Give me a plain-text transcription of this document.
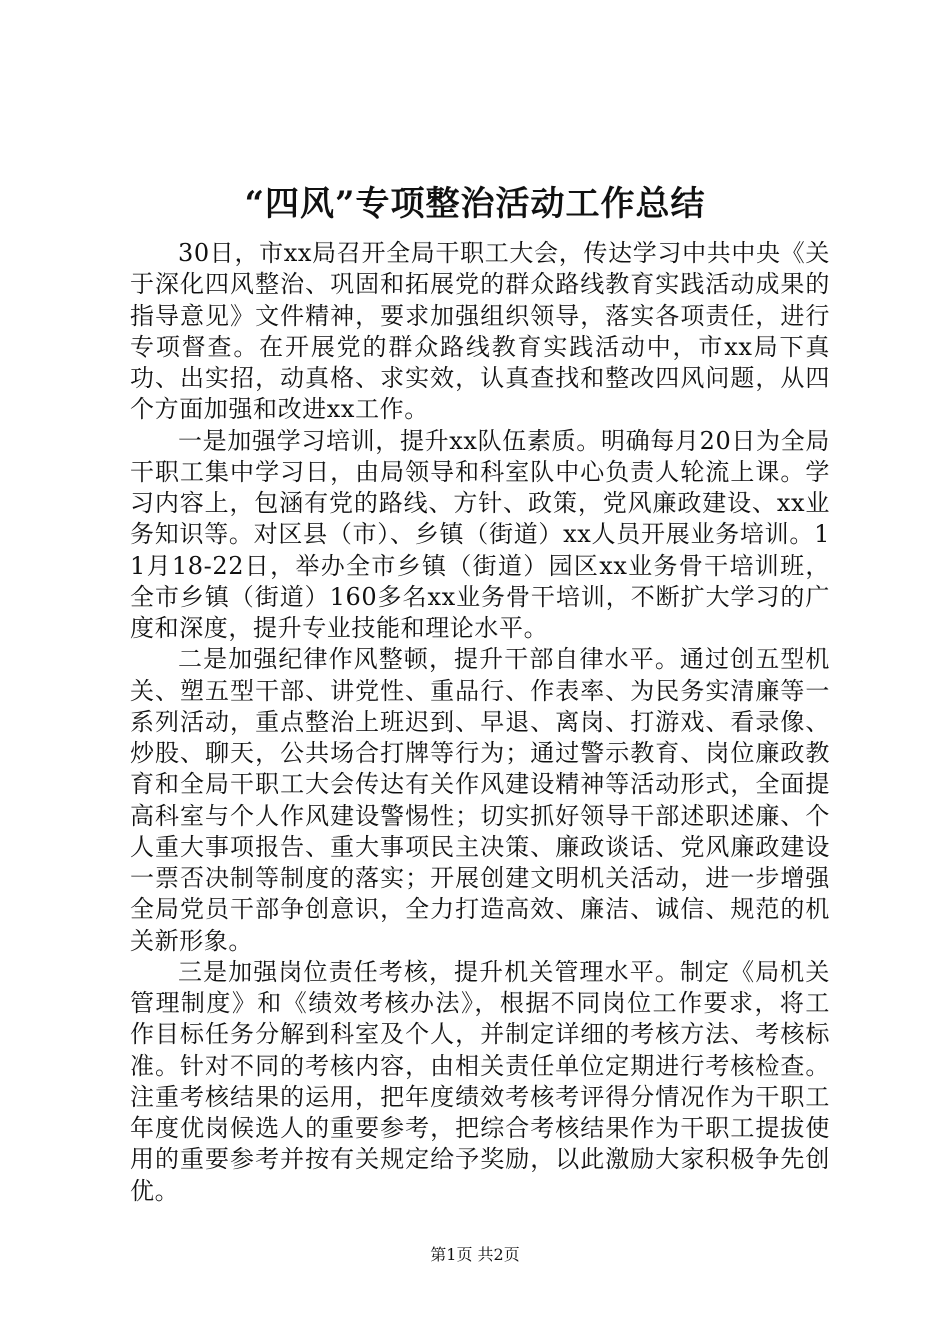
“四风”专项整治活动工作总结

30日，市xx局召开全局干职工大会，传达学习中共中央《关于深化四风整治、巩固和拓展党的群众路线教育实践活动成果的指导意见》文件精神，要求加强组织领导，落实各项责任，进行专项督查。在开展党的群众路线教育实践活动中，市xx局下真功、出实招，动真格、求实效，认真查找和整改四风问题，从四个方面加强和改进xx工作。

一是加强学习培训，提升xx队伍素质。明确每月20日为全局干职工集中学习日，由局领导和科室队中心负责人轮流上课。学习内容上，包涵有党的路线、方针、政策，党风廉政建设、xx业务知识等。对区县（市）、乡镇（街道）xx人员开展业务培训。11月18-22日，举办全市乡镇（街道）园区xx业务骨干培训班，全市乡镇（街道）160多名xx业务骨干培训，不断扩大学习的广度和深度，提升专业技能和理论水平。

二是加强纪律作风整顿，提升干部自律水平。通过创五型机关、塑五型干部、讲党性、重品行、作表率、为民务实清廉等一系列活动，重点整治上班迟到、早退、离岗、打游戏、看录像、炒股、聊天，公共场合打牌等行为；通过警示教育、岗位廉政教育和全局干职工大会传达有关作风建设精神等活动形式，全面提高科室与个人作风建设警惕性；切实抓好领导干部述职述廉、个人重大事项报告、重大事项民主决策、廉政谈话、党风廉政建设一票否决制等制度的落实；开展创建文明机关活动，进一步增强全局党员干部争创意识，全力打造高效、廉洁、诚信、规范的机关新形象。

三是加强岗位责任考核，提升机关管理水平。制定《局机关管理制度》和《绩效考核办法》，根据不同岗位工作要求，将工作目标任务分解到科室及个人，并制定详细的考核方法、考核标准。针对不同的考核内容，由相关责任单位定期进行考核检查。注重考核结果的运用，把年度绩效考核考评得分情况作为干职工年度优岗候选人的重要参考，把综合考核结果作为干职工提拔使用的重要参考并按有关规定给予奖励，以此激励大家积极争先创优。

第1页 共2页
